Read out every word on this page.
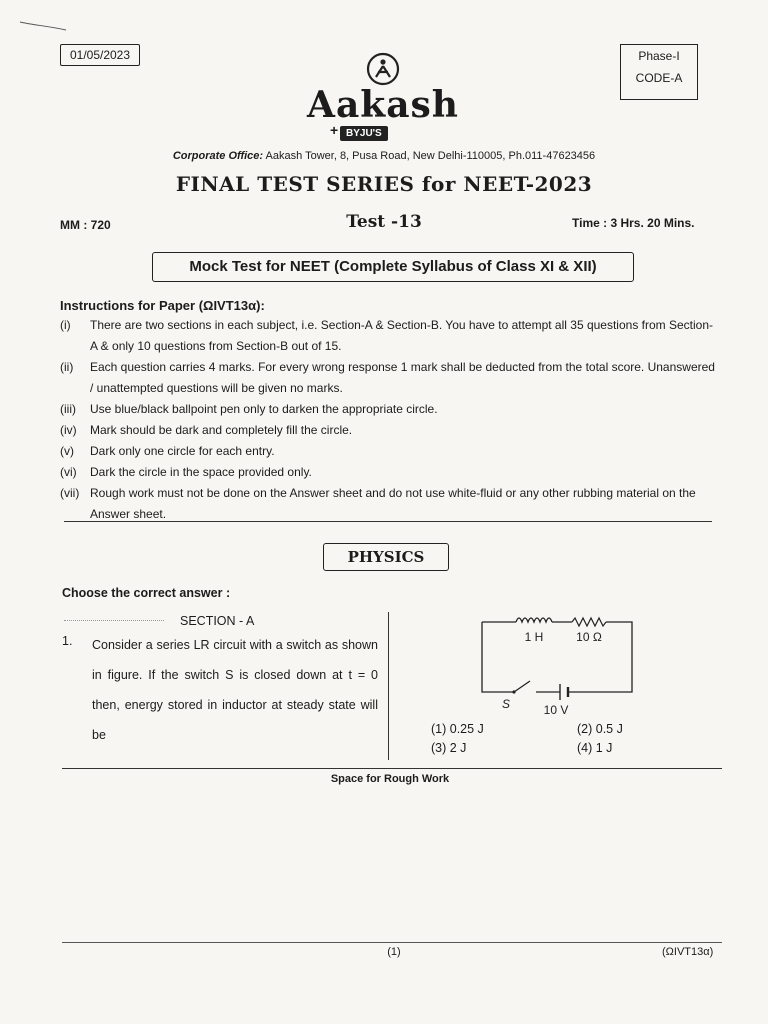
01/05/2023	Phase-I
CODE-A
Aakash
+ BYJU'S
Corporate Office: Aakash Tower, 8, Pusa Road, New Delhi-110005, Ph.011-47623456
FINAL TEST SERIES for NEET-2023
MM : 720	Test -13	Time : 3 Hrs. 20 Mins.
Mock Test for NEET (Complete Syllabus of Class XI & XII)
Instructions for Paper (ΩIVT13α):
(i)	There are two sections in each subject, i.e. Section-A & Section-B. You have to attempt all 35 questions from Section-A & only 10 questions from Section-B out of 15.
(ii)	Each question carries 4 marks. For every wrong response 1 mark shall be deducted from the total score. Unanswered / unattempted questions will be given no marks.
(iii)	Use blue/black ballpoint pen only to darken the appropriate circle.
(iv)	Mark should be dark and completely fill the circle.
(v)	Dark only one circle for each entry.
(vi)	Dark the circle in the space provided only.
(vii) Rough work must not be done on the Answer sheet and do not use white-fluid or any other rubbing material on the Answer sheet.
PHYSICS
Choose the correct answer :
SECTION - A
1. Consider a series LR circuit with a switch as shown in figure. If the switch S is closed down at t = 0 then, energy stored in inductor at steady state will be
1 H	10 Ω
S	10 V
(1) 0.25 J	(2) 0.5 J
(3) 2 J	(4) 1 J
Space for Rough Work
(1)	(ΩIVT13α)
